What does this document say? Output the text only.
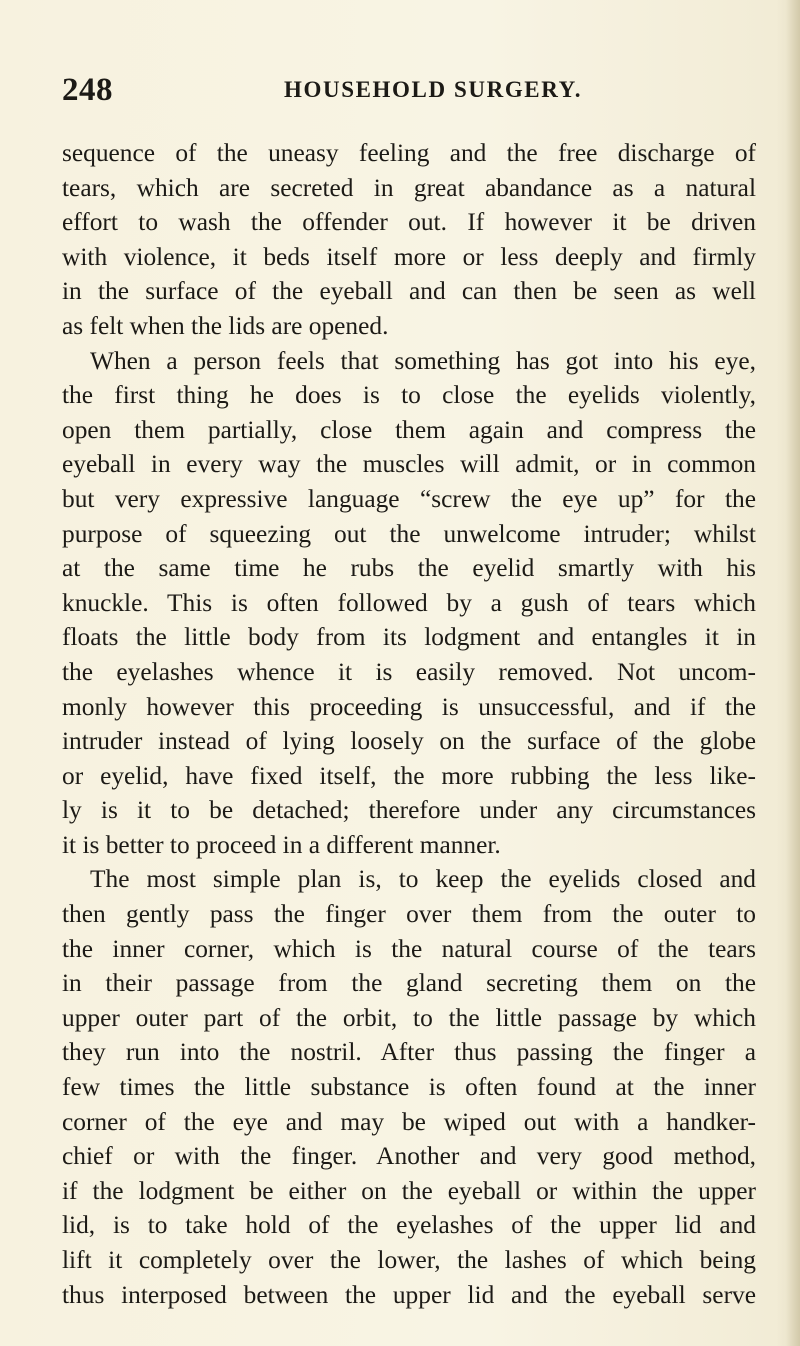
248	HOUSEHOLD SURGERY.
sequence of the uneasy feeling and the free discharge of
tears, which are secreted in great abandance as a natural
effort to wash the offender out. If however it be driven
with violence, it beds itself more or less deeply and firmly
in the surface of the eyeball and can then be seen as well
as felt when the lids are opened.
When a person feels that something has got into his eye,
the first thing he does is to close the eyelids violently,
open them partially, close them again and compress the
eyeball in every way the muscles will admit, or in common
but very expressive language “screw the eye up” for the
purpose of squeezing out the unwelcome intruder; whilst
at the same time he rubs the eyelid smartly with his
knuckle. This is often followed by a gush of tears which
floats the little body from its lodgment and entangles it in
the eyelashes whence it is easily removed. Not uncom-
monly however this proceeding is unsuccessful, and if the
intruder instead of lying loosely on the surface of the globe
or eyelid, have fixed itself, the more rubbing the less like-
ly is it to be detached; therefore under any circumstances
it is better to proceed in a different manner.
The most simple plan is, to keep the eyelids closed and
then gently pass the finger over them from the outer to
the inner corner, which is the natural course of the tears
in their passage from the gland secreting them on the
upper outer part of the orbit, to the little passage by which
they run into the nostril. After thus passing the finger a
few times the little substance is often found at the inner
corner of the eye and may be wiped out with a handker-
chief or with the finger. Another and very good method,
if the lodgment be either on the eyeball or within the upper
lid, is to take hold of the eyelashes of the upper lid and
lift it completely over the lower, the lashes of which being
thus interposed between the upper lid and the eyeball serve
